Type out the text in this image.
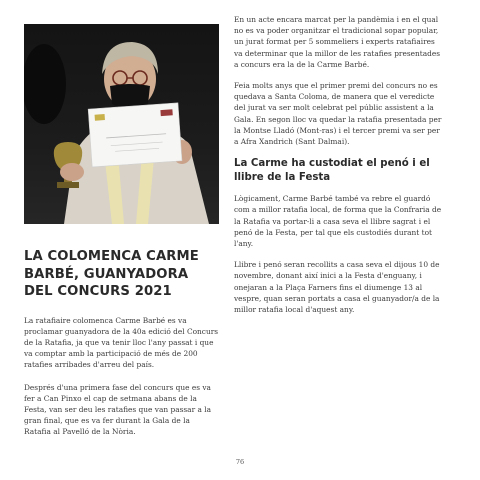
LA COLOMENCA CARME BARBÉ, GUANYADORA DEL CONCURS 2021

La ratafiaire colomenca Carme Barbé es va proclamar guanyadora de la 40a edició del Concurs de la Ratafia, ja que va tenir lloc l'any passat i que va comptar amb la participació de més de 200 ratafies arribades d'arreu del país.

Després d'una primera fase del concurs que es va fer a Can Pinxo el cap de setmana abans de la Festa, van ser deu les ratafies que van passar a la gran final, que es va fer durant la Gala de la Ratafia al Pavelló de la Nòria.

En un acte encara marcat per la pandèmia i en el qual no es va poder organitzar el tradicional sopar popular, un jurat format per 5 sommeliers i experts ratafiaires va determinar que la millor de les ratafies presentades a concurs era la de la Carme Barbé.

Feia molts anys que el primer premi del concurs no es quedava a Santa Coloma, de manera que el veredicte del jurat va ser molt celebrat pel públic assistent a la Gala. En segon lloc va quedar la ratafia presentada per la Montse Lladó (Mont-ras) i el tercer premi va ser per a Afra Xandrich (Sant Dalmai).

La Carme ha custodiat el penó i el llibre de la Festa

Lògicament, Carme Barbé també va rebre el guardó com a millor ratafia local, de forma que la Confraria de la Ratafia va portar-li a casa seva el llibre sagrat i el penó de la Festa, per tal que els custodiés durant tot l'any.

Llibre i penó seran recollits a casa seva el dijous 10 de novembre, donant així inici a la Festa d'enguany, i onejaran a la Plaça Farners fins el diumenge 13 al vespre, quan seran portats a casa el guanyador/a de la millor ratafia local d'aquest any.

76
